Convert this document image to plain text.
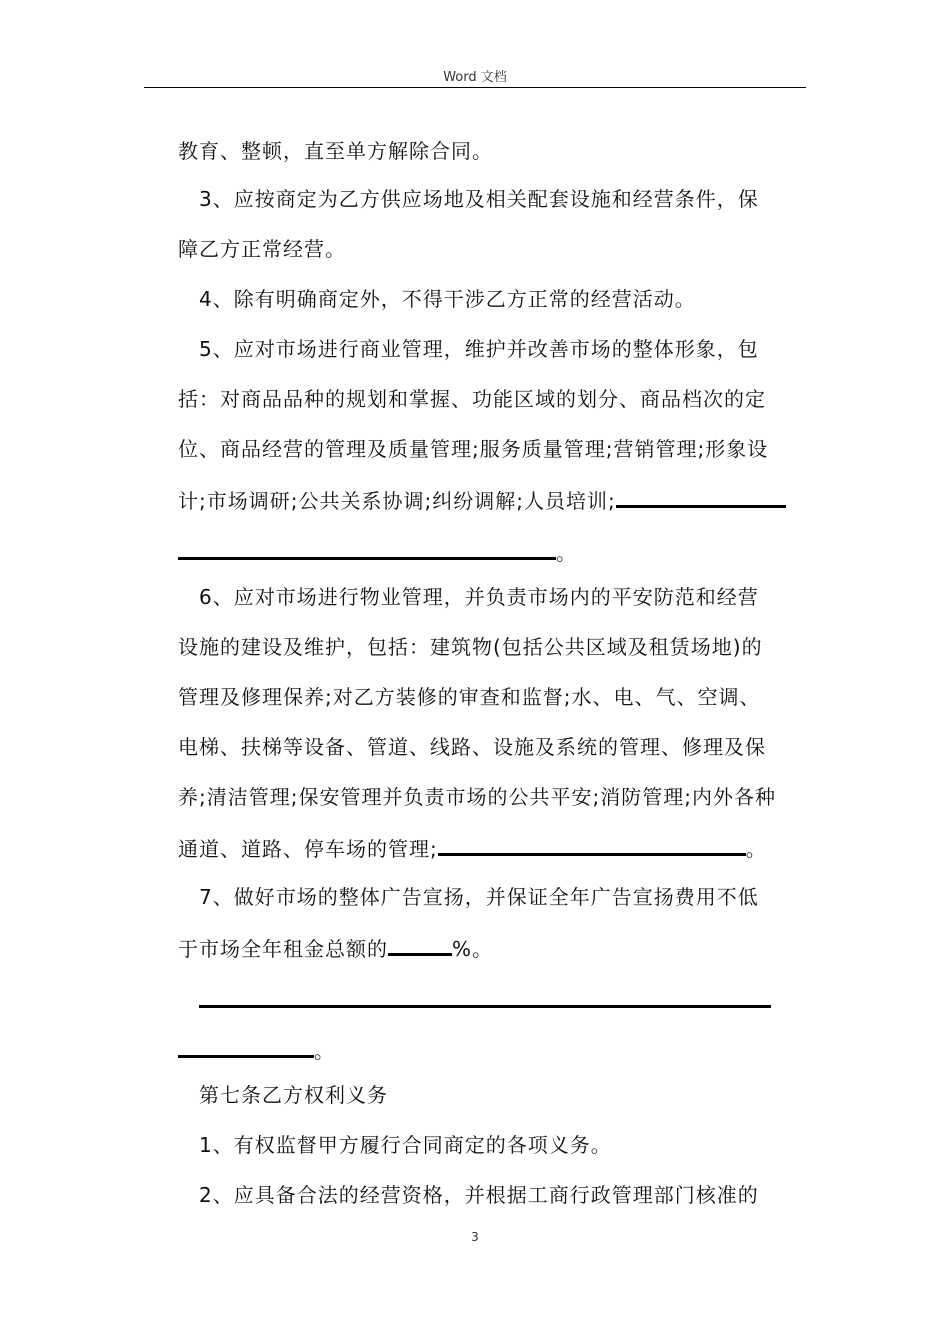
Word 文档
教育、整顿，直至单方解除合同。
3、应按商定为乙方供应场地及相关配套设施和经营条件，保
障乙方正常经营。
4、除有明确商定外，不得干涉乙方正常的经营活动。
5、应对市场进行商业管理，维护并改善市场的整体形象，包
括：对商品品种的规划和掌握、功能区域的划分、商品档次的定
位、商品经营的管理及质量管理;服务质量管理;营销管理;形象设
计;市场调研;公共关系协调;纠纷调解;人员培训;
。
6、应对市场进行物业管理，并负责市场内的平安防范和经营
设施的建设及维护，包括：建筑物(包括公共区域及租赁场地)的
管理及修理保养;对乙方装修的审查和监督;水、电、气、空调、
电梯、扶梯等设备、管道、线路、设施及系统的管理、修理及保
养;清洁管理;保安管理并负责市场的公共平安;消防管理;内外各种
通道、道路、停车场的管理;	。
7、做好市场的整体广告宣扬，并保证全年广告宣扬费用不低
于市场全年租金总额的	%。
。
第七条乙方权利义务
1、有权监督甲方履行合同商定的各项义务。
2、应具备合法的经营资格，并根据工商行政管理部门核准的
3
